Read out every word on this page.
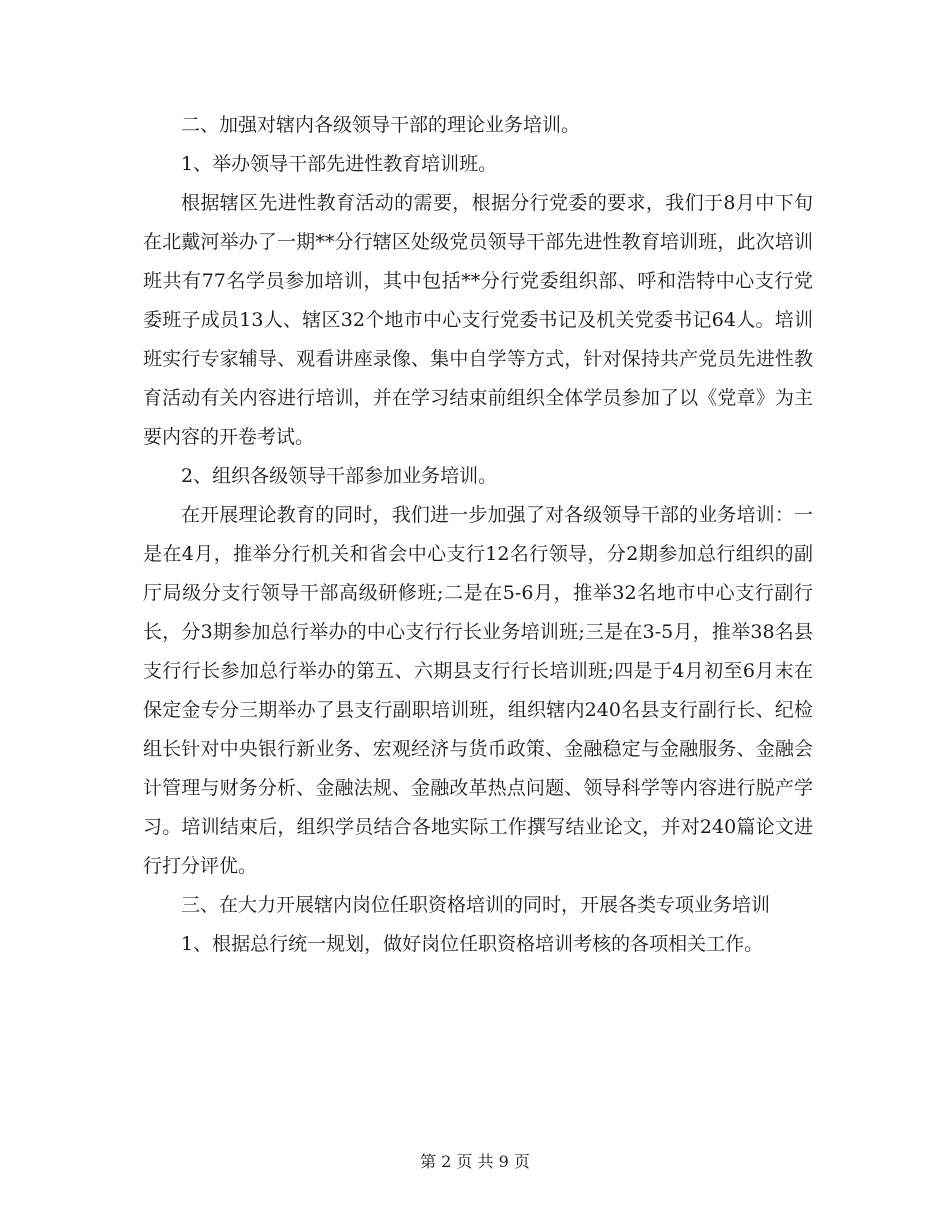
二、加强对辖内各级领导干部的理论业务培训。

1、举办领导干部先进性教育培训班。

根据辖区先进性教育活动的需要，根据分行党委的要求，我们于8月中下旬在北戴河举办了一期**分行辖区处级党员领导干部先进性教育培训班，此次培训班共有77名学员参加培训，其中包括**分行党委组织部、呼和浩特中心支行党委班子成员13人、辖区32个地市中心支行党委书记及机关党委书记64人。培训班实行专家辅导、观看讲座录像、集中自学等方式，针对保持共产党员先进性教育活动有关内容进行培训，并在学习结束前组织全体学员参加了以《党章》为主要内容的开卷考试。

2、组织各级领导干部参加业务培训。

在开展理论教育的同时，我们进一步加强了对各级领导干部的业务培训：一是在4月，推举分行机关和省会中心支行12名行领导，分2期参加总行组织的副厅局级分支行领导干部高级研修班;二是在5-6月，推举32名地市中心支行副行长，分3期参加总行举办的中心支行行长业务培训班;三是在3-5月，推举38名县支行行长参加总行举办的第五、六期县支行行长培训班;四是于4月初至6月末在保定金专分三期举办了县支行副职培训班，组织辖内240名县支行副行长、纪检组长针对中央银行新业务、宏观经济与货币政策、金融稳定与金融服务、金融会计管理与财务分析、金融法规、金融改革热点问题、领导科学等内容进行脱产学习。培训结束后，组织学员结合各地实际工作撰写结业论文，并对240篇论文进行打分评优。

三、在大力开展辖内岗位任职资格培训的同时，开展各类专项业务培训

1、根据总行统一规划，做好岗位任职资格培训考核的各项相关工作。

第 2 页 共 9 页
